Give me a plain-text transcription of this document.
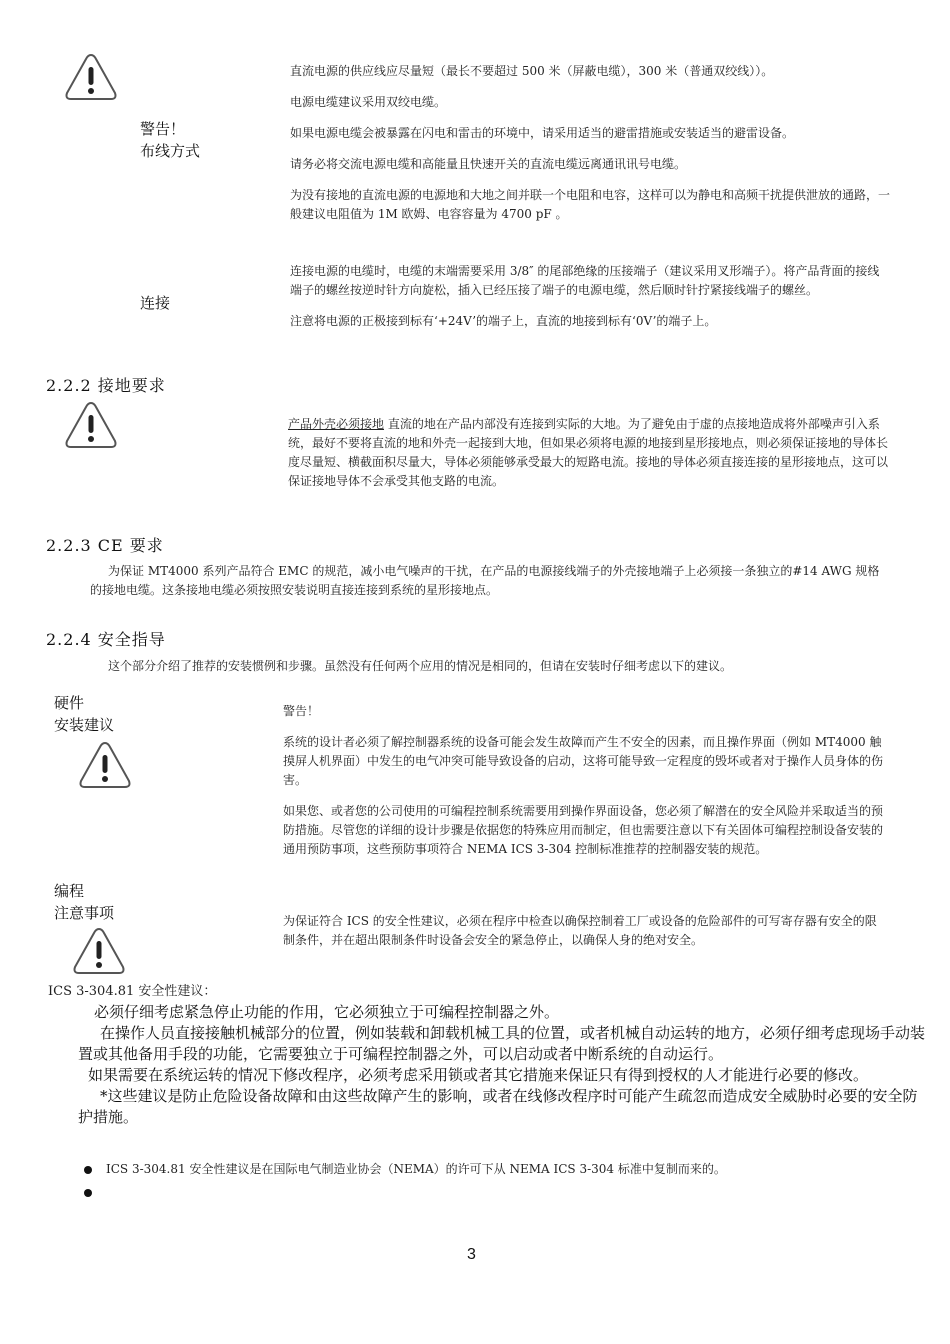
警告！
布线方式

直流电源的供应线应尽量短（最长不要超过 500 米（屏蔽电缆），300 米（普通双绞线））。

电源电缆建议采用双绞电缆。

如果电源电缆会被暴露在闪电和雷击的环境中，请采用适当的避雷措施或安装适当的避雷设备。

请务必将交流电源电缆和高能量且快速开关的直流电缆远离通讯讯号电缆。

为没有接地的直流电源的电源地和大地之间并联一个电阻和电容，这样可以为静电和高频干扰提供泄放的通路，一般建议电阻值为 1M 欧姆、电容容量为 4700 pF 。

连接

连接电源的电缆时，电缆的末端需要采用 3/8″ 的尾部绝缘的压接端子（建议采用叉形端子）。将产品背面的接线端子的螺丝按逆时针方向旋松，插入已经压接了端子的电源电缆，然后顺时针拧紧接线端子的螺丝。

注意将电源的正极接到标有‘+24V’的端子上，直流的地接到标有‘0V’的端子上。

2.2.2 接地要求
产品外壳必须接地 直流的地在产品内部没有连接到实际的大地。为了避免由于虚的点接地造成将外部噪声引入系统，最好不要将直流的地和外壳一起接到大地，但如果必须将电源的地接到星形接地点，则必须保证接地的导体长度尽量短、横截面积尽量大，导体必须能够承受最大的短路电流。接地的导体必须直接连接的星形接地点，这可以保证接地导体不会承受其他支路的电流。
2.2.3 CE 要求
为保证 MT4000 系列产品符合 EMC 的规范，减小电气噪声的干扰，在产品的电源接线端子的外壳接地端子上必须接一条独立的#14 AWG 规格的接地电缆。这条接地电缆必须按照安装说明直接连接到系统的星形接地点。
2.2.4 安全指导
这个部分介绍了推荐的安装惯例和步骤。虽然没有任何两个应用的情况是相同的，但请在安装时仔细考虑以下的建议。
硬件
安装建议

警告！

系统的设计者必须了解控制器系统的设备可能会发生故障而产生不安全的因素，而且操作界面（例如 MT4000 触摸屏人机界面）中发生的电气冲突可能导致设备的启动，这将可能导致一定程度的毁坏或者对于操作人员身体的伤害。

如果您、或者您的公司使用的可编程控制系统需要用到操作界面设备，您必须了解潜在的安全风险并采取适当的预防措施。尽管您的详细的设计步骤是依据您的特殊应用而制定，但也需要注意以下有关固体可编程控制设备安装的通用预防事项，这些预防事项符合 NEMA ICS 3-304 控制标准推荐的控制器安装的规范。

编程
注意事项	为保证符合 ICS 的安全性建议，必须在程序中检查以确保控制着工厂或设备的危险部件的可写寄存器有安全的限制条件，并在超出限制条件时设备会安全的紧急停止，以确保人身的绝对安全。
ICS 3-304.81 安全性建议：
必须仔细考虑紧急停止功能的作用，它必须独立于可编程控制器之外。
在操作人员直接接触机械部分的位置，例如装载和卸载机械工具的位置，或者机械自动运转的地方，必须仔细考虑现场手动装置或其他备用手段的功能，它需要独立于可编程控制器之外，可以启动或者中断系统的自动运行。
如果需要在系统运转的情况下修改程序，必须考虑采用锁或者其它措施来保证只有得到授权的人才能进行必要的修改。
*这些建议是防止危险设备故障和由这些故障产生的影响，或者在线修改程序时可能产生疏忽而造成安全威胁时必要的安全防护措施。
ICS 3-304.81 安全性建议是在国际电气制造业协会（NEMA）的许可下从 NEMA ICS 3-304 标准中复制而来的。
3
